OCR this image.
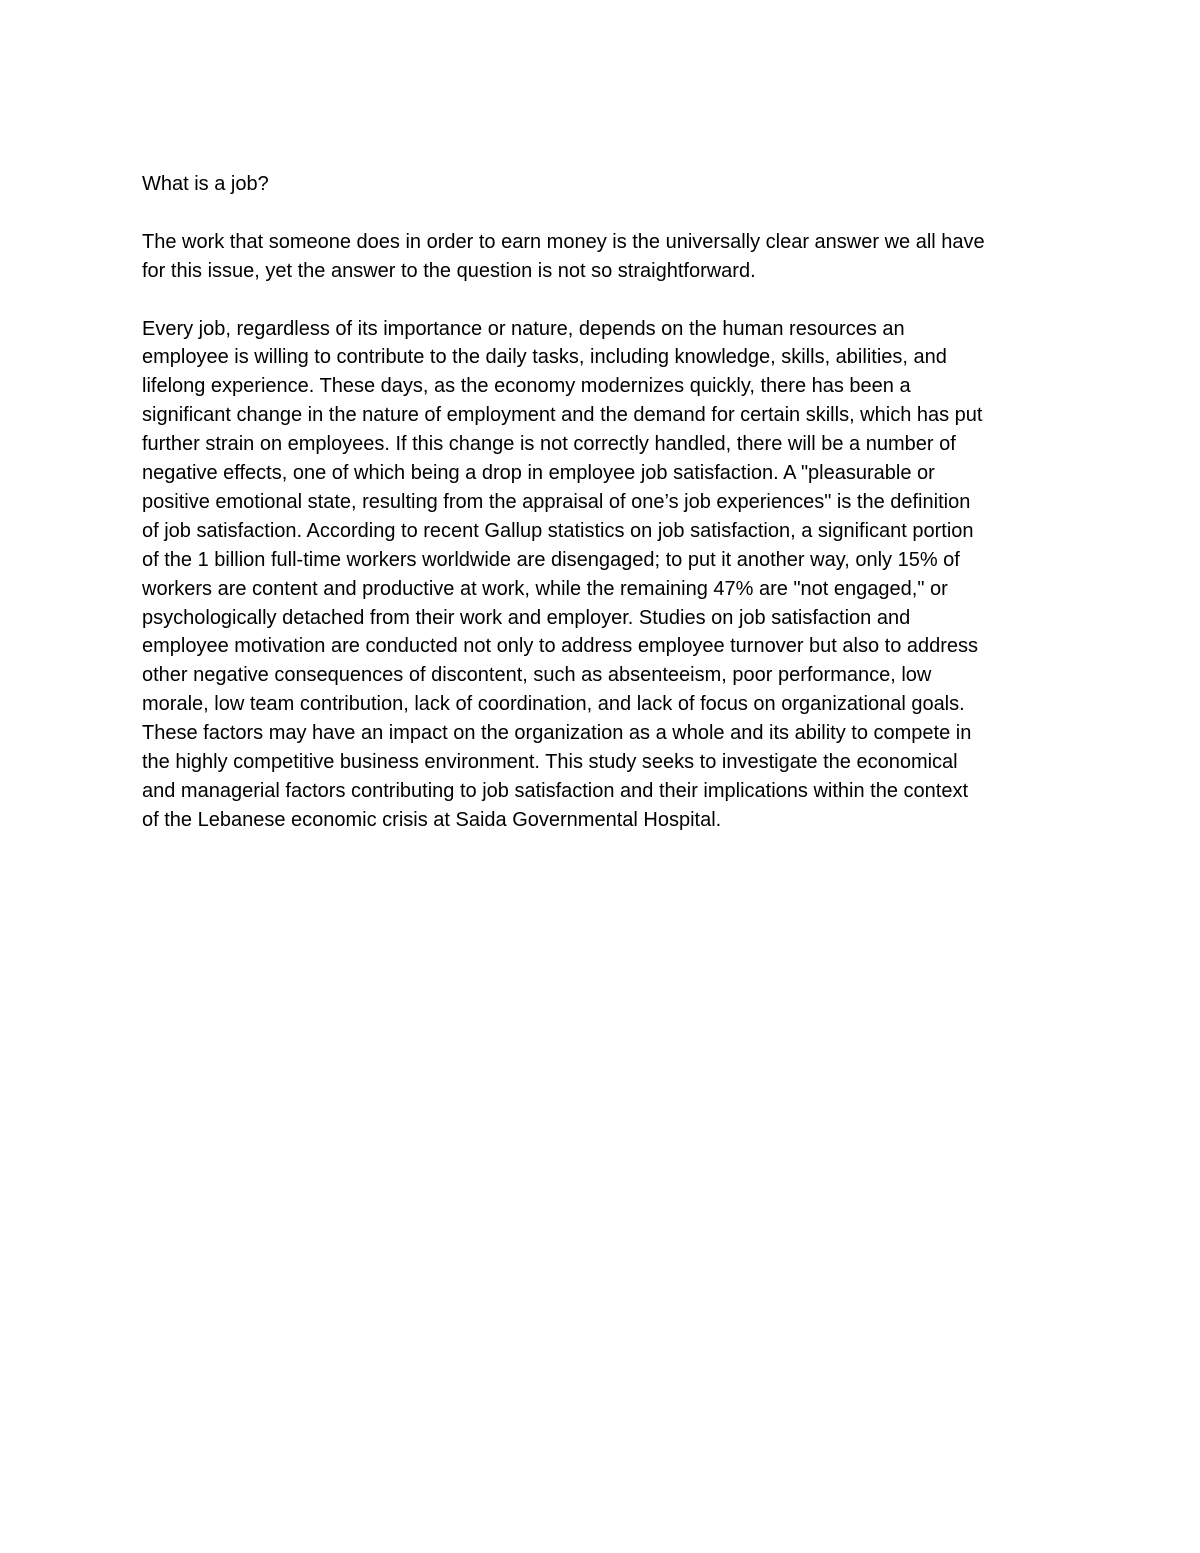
What is a job?
The work that someone does in order to earn money is the universally clear answer we all have
for this issue, yet the answer to the question is not so straightforward.
Every job, regardless of its importance or nature, depends on the human resources an
employee is willing to contribute to the daily tasks, including knowledge, skills, abilities, and
lifelong experience. These days, as the economy modernizes quickly, there has been a
significant change in the nature of employment and the demand for certain skills, which has put
further strain on employees. If this change is not correctly handled, there will be a number of
negative effects, one of which being a drop in employee job satisfaction. A "pleasurable or
positive emotional state, resulting from the appraisal of one’s job experiences" is the definition
of job satisfaction. According to recent Gallup statistics on job satisfaction, a significant portion
of the 1 billion full-time workers worldwide are disengaged; to put it another way, only 15% of
workers are content and productive at work, while the remaining 47% are "not engaged," or
psychologically detached from their work and employer. Studies on job satisfaction and
employee motivation are conducted not only to address employee turnover but also to address
other negative consequences of discontent, such as absenteeism, poor performance, low
morale, low team contribution, lack of coordination, and lack of focus on organizational goals.
These factors may have an impact on the organization as a whole and its ability to compete in
the highly competitive business environment. This study seeks to investigate the economical
and managerial factors contributing to job satisfaction and their implications within the context
of the Lebanese economic crisis at Saida Governmental Hospital.
